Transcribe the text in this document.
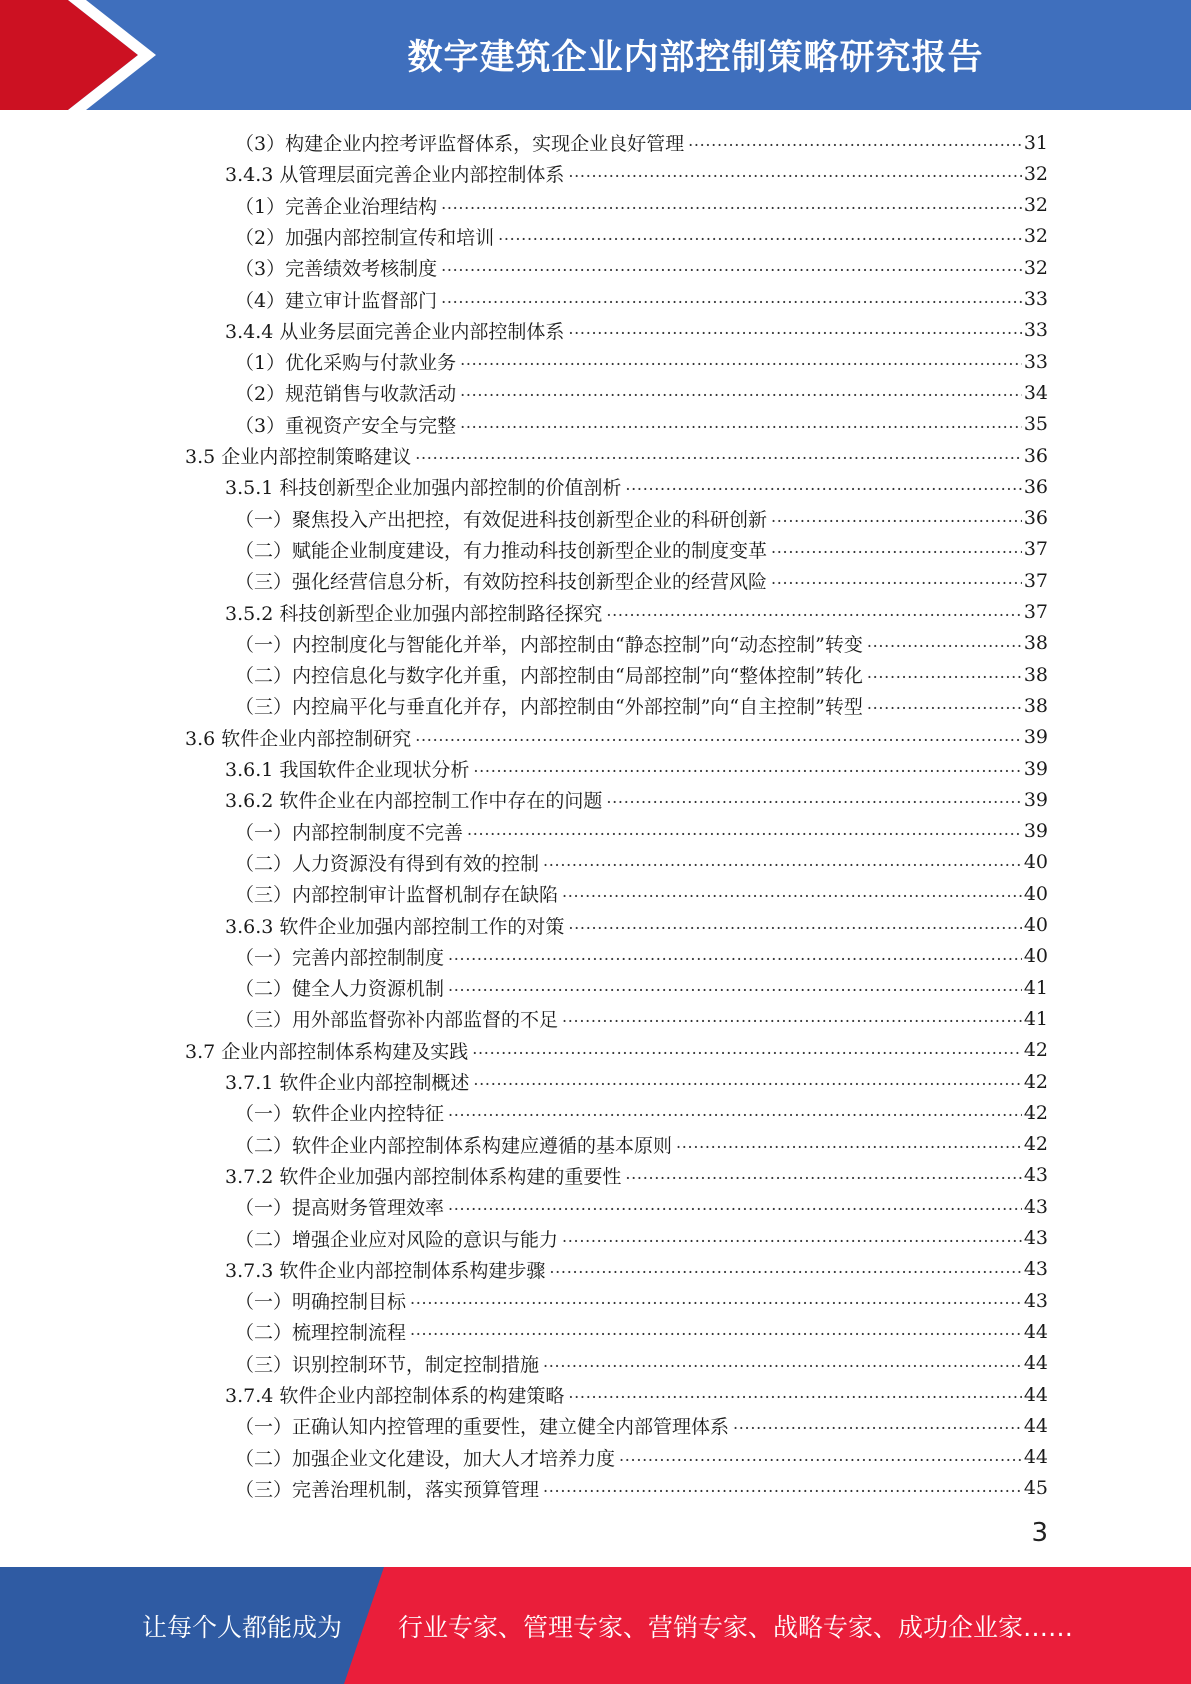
数字建筑企业内部控制策略研究报告
（3）构建企业内控考评监督体系，实现企业良好管理 . . .	31
3.4.3 从管理层面完善企业内部控制体系 . . .	32
（1）完善企业治理结构 . . .	32
（2）加强内部控制宣传和培训 . . .	32
（3）完善绩效考核制度 . . .	32
（4）建立审计监督部门 . . .	33
3.4.4 从业务层面完善企业内部控制体系 . . .	33
（1）优化采购与付款业务 . . .	33
（2）规范销售与收款活动 . . .	34
（3）重视资产安全与完整 . . .	35
3.5 企业内部控制策略建议 . . .	36
3.5.1 科技创新型企业加强内部控制的价值剖析 . . .	36
（一）聚焦投入产出把控，有效促进科技创新型企业的科研创新 . . .	36
（二）赋能企业制度建设，有力推动科技创新型企业的制度变革 . . .	37
（三）强化经营信息分析，有效防控科技创新型企业的经营风险 . . .	37
3.5.2 科技创新型企业加强内部控制路径探究 . . .	37
（一）内控制度化与智能化并举，内部控制由“静态控制”向“动态控制”转变 . . .	38
（二）内控信息化与数字化并重，内部控制由“局部控制”向“整体控制”转化 . . .	38
（三）内控扁平化与垂直化并存，内部控制由“外部控制”向“自主控制”转型 . . .	38
3.6 软件企业内部控制研究 . . .	39
3.6.1 我国软件企业现状分析 . . .	39
3.6.2 软件企业在内部控制工作中存在的问题 . . .	39
（一）内部控制制度不完善 . . .	39
（二）人力资源没有得到有效的控制 . . .	40
（三）内部控制审计监督机制存在缺陷 . . .	40
3.6.3 软件企业加强内部控制工作的对策 . . .	40
（一）完善内部控制制度 . . .	40
（二）健全人力资源机制 . . .	41
（三）用外部监督弥补内部监督的不足 . . .	41
3.7 企业内部控制体系构建及实践 . . .	42
3.7.1 软件企业内部控制概述 . . .	42
（一）软件企业内控特征 . . .	42
（二）软件企业内部控制体系构建应遵循的基本原则 . . .	42
3.7.2 软件企业加强内部控制体系构建的重要性 . . .	43
（一）提高财务管理效率 . . .	43
（二）增强企业应对风险的意识与能力 . . .	43
3.7.3 软件企业内部控制体系构建步骤 . . .	43
（一）明确控制目标 . . .	43
（二）梳理控制流程 . . .	44
（三）识别控制环节，制定控制措施 . . .	44
3.7.4 软件企业内部控制体系的构建策略 . . .	44
（一）正确认知内控管理的重要性，建立健全内部管理体系 . . .	44
（二）加强企业文化建设，加大人才培养力度 . . .	44
（三）完善治理机制，落实预算管理 . . .	45
3
让每个人都能成为 行业专家、管理专家、营销专家、战略专家、成功企业家……
